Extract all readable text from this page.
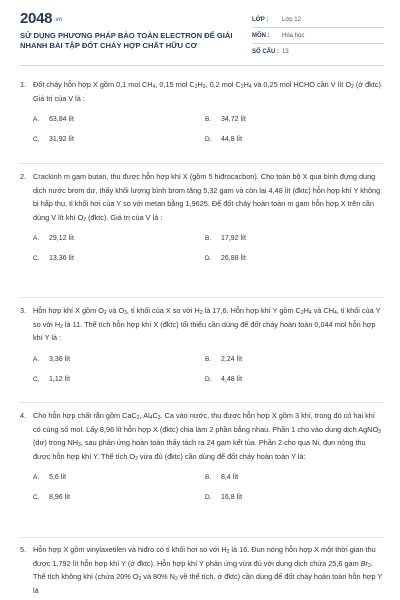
2048 .vn
SỬ DỤNG PHƯƠNG PHÁP BẢO TOÀN ELECTRON ĐỂ GIẢI
NHANH BÀI TẬP ĐỐT CHÁY HỢP CHẤT HỮU CƠ
LỚP :	Lớp 12
MÔN :	Hóa học
SỐ CÂU : 13
1. Đốt cháy hỗn hợp X gồm 0,1 mol $CH_4$, 0,15 mol $C_2H_2$, 0,2 mol $C_2H_4$ và 0,25 mol HCHO cần V lít $O_2$ (ở đktc). Giá trị của V là :
A.	63,84 lít	B.	34,72 lít
C.	31,92 lít	D.	44,8 lít
2. Crackinh m gam butan, thu được hỗn hợp khí X (gồm 5 hiđrocacbon). Cho toàn bộ X qua bình đựng dung dịch nước brom dư, thấy khối lượng bình brom tăng 5,32 gam và còn lại 4,48 lít (đktc) hỗn hợp khí Y không bị hấp thụ, tỉ khối hơi của Y so với metan bằng 1,9625. Để đốt cháy hoàn toàn m gam hỗn hợp X trên cần dùng V lít khí $O_2$ (đktc). Giá trị của V là :
A.	29,12 lít	B.	17,92 lít
C.	13,36 lít	D.	26,88 lít
3. Hỗn hợp khí X gồm $O_2$ và $O_3$, tỉ khối của X so với $H_2$ là 17,6. Hỗn hợp khí Y gồm $C_2H_4$ và $CH_4$, tỉ khối của Y so với $H_2$ là 11. Thể tích hỗn hợp khí X (đktc) tối thiểu cần dùng để đốt cháy hoàn toàn 0,044 mol hỗn hợp khí Y là :
A.	3,36 lít	B.	2,24 lít
C.	1,12 lít	D.	4,48 lít
4. Cho hỗn hợp chất rắn gồm CaC$_2$, $Al_4C_3$. Ca vào nước, thu được hỗn hợp X gồm 3 khí, trong đó có hai khí có cùng số mol. Lấy 8,96 lít hỗn hợp X (đktc) chia làm 2 phần bằng nhau. Phần 1 cho vào dung dịch AgNO$_3$ (dư) trong $NH_3$, sau phản ứng hoàn toàn thấy tách ra 24 gam kết tủa. Phần 2 cho qua Ni, đun nóng thu được hỗn hợp khí Y. Thể tích $O_2$ vừa đủ (đktc) cần dùng để đốt cháy hoàn toàn Y là:
A.	5,6 lít	B.	8,4 lít
C.	8,96 lít	D.	16,8 lít
5. Hỗn hợp X gồm vinylaxetilen và hiđro có tỉ khối hơi so với $H_2$ là 16. Đun nóng hỗn hợp X một thời gian thu được 1,792 lít hỗn hợp khí Y (ở đktc). Hỗn hợp khí Y phản ứng vừa đủ với dung dịch chứa 25,6 gam $Br_2$. Thể tích không khí (chứa 20% $O_2$ và 80% $N_2$ về thể tích, ở đktc) cần dùng để đốt cháy hoàn toàn hỗn hợp Y là
